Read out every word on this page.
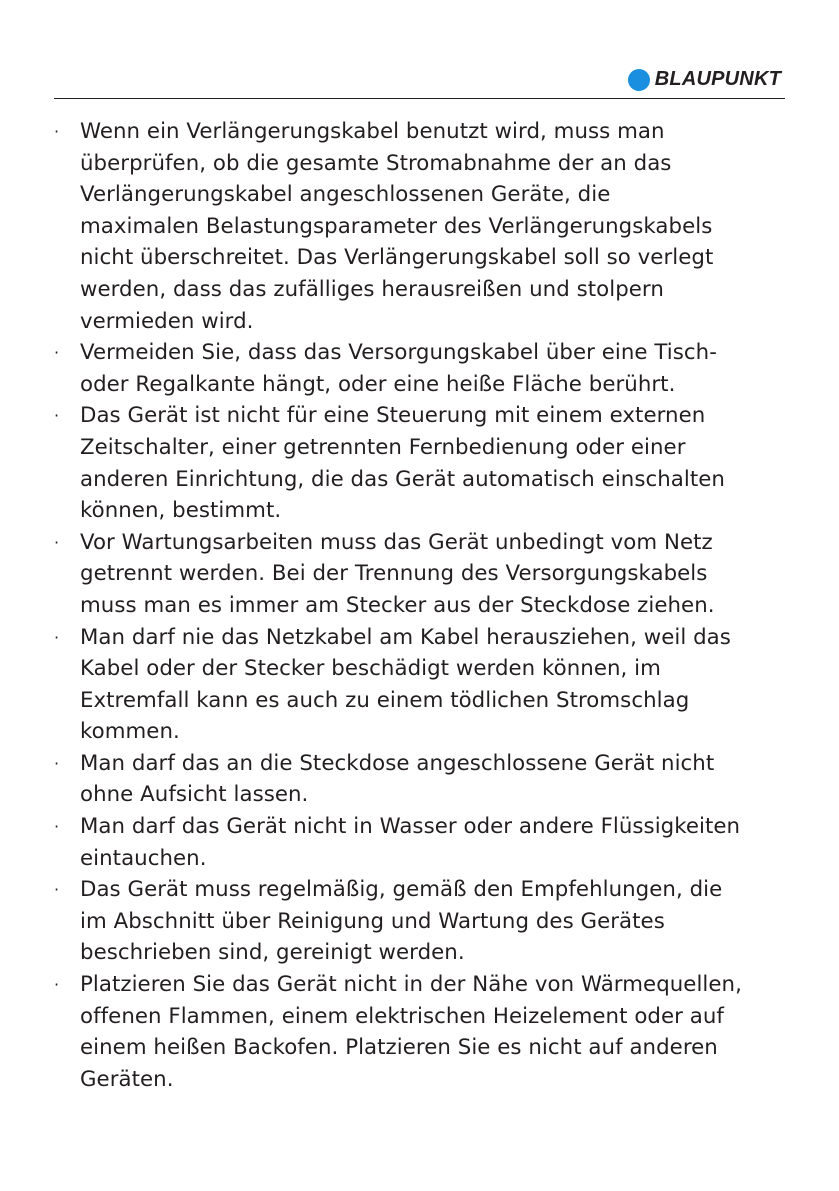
BLAUPUNKT
· Wenn ein Verlängerungskabel benutzt wird, muss man
überprüfen, ob die gesamte Stromabnahme der an das
Verlängerungskabel angeschlossenen Geräte, die
maximalen Belastungsparameter des Verlängerungskabels
nicht überschreitet. Das Verlängerungskabel soll so verlegt
werden, dass das zufälliges herausreißen und stolpern
vermieden wird.
· Vermeiden Sie, dass das Versorgungskabel über eine Tisch-
oder Regalkante hängt, oder eine heiße Fläche berührt.
· Das Gerät ist nicht für eine Steuerung mit einem externen
Zeitschalter, einer getrennten Fernbedienung oder einer
anderen Einrichtung, die das Gerät automatisch einschalten
können, bestimmt.
· Vor Wartungsarbeiten muss das Gerät unbedingt vom Netz
getrennt werden. Bei der Trennung des Versorgungskabels
muss man es immer am Stecker aus der Steckdose ziehen.
· Man darf nie das Netzkabel am Kabel herausziehen, weil das
Kabel oder der Stecker beschädigt werden können, im
Extremfall kann es auch zu einem tödlichen Stromschlag
kommen.
· Man darf das an die Steckdose angeschlossene Gerät nicht
ohne Aufsicht lassen.
· Man darf das Gerät nicht in Wasser oder andere Flüssigkeiten
eintauchen.
· Das Gerät muss regelmäßig, gemäß den Empfehlungen, die
im Abschnitt über Reinigung und Wartung des Gerätes
beschrieben sind, gereinigt werden.
· Platzieren Sie das Gerät nicht in der Nähe von Wärmequellen,
offenen Flammen, einem elektrischen Heizelement oder auf
einem heißen Backofen. Platzieren Sie es nicht auf anderen
Geräten.
